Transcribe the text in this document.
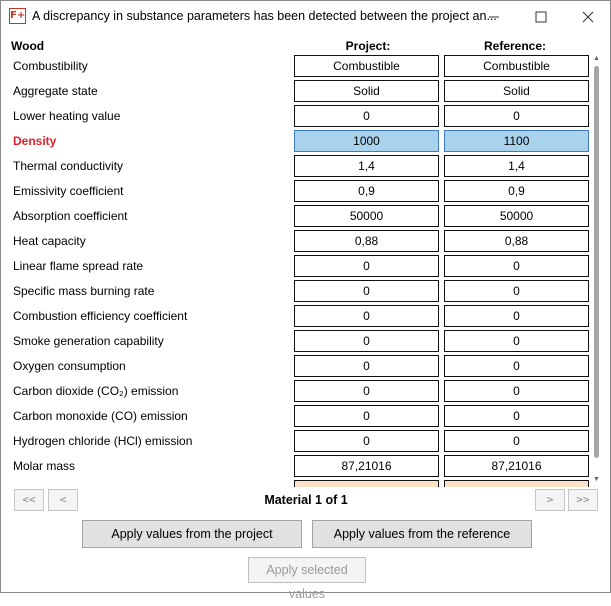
F+ A discrepancy in substance parameters has been detected between the project an...
Wood	Project:	Reference:
Combustibility	Combustible	Combustible
Aggregate state	Solid	Solid
Lower heating value	0	0
Density	1000	1100
Thermal conductivity	1,4	1,4
Emissivity coefficient	0,9	0,9
Absorption coefficient	50000	50000
Heat capacity	0,88	0,88
Linear flame spread rate	0	0
Specific mass burning rate	0	0
Combustion efficiency coefficient	0	0
Smoke generation capability	0	0
Oxygen consumption	0	0
Carbon dioxide (CO₂) emission	0	0
Carbon monoxide (CO) emission	0	0
Hydrogen chloride (HCl) emission	0	0
Molar mass	87,21016	87,21016
▲
▼
<<	<	Material 1 of 1	>	>>
Apply values from the project	Apply values from the reference
Apply selected values
